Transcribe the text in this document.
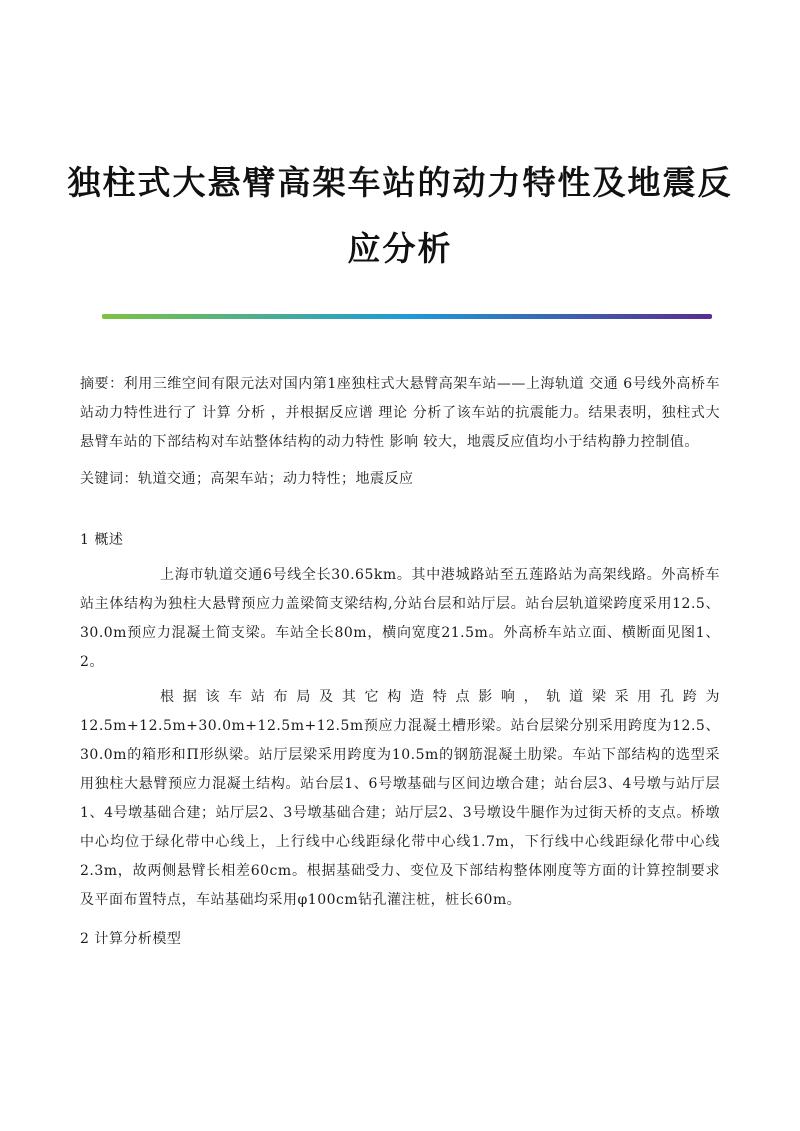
独柱式大悬臂高架车站的动力特性及地震反
应分析

摘要：利用三维空间有限元法对国内第1座独柱式大悬臂高架车站——上海轨道 交通 6号线外高桥车站动力特性进行了 计算 分析 ，并根据反应谱 理论 分析了该车站的抗震能力。结果表明，独柱式大悬臂车站的下部结构对车站整体结构的动力特性 影响 较大，地震反应值均小于结构静力控制值。

关键词：轨道交通；高架车站；动力特性；地震反应

1 概述

上海市轨道交通6号线全长30.65km。其中港城路站至五莲路站为高架线路。外高桥车站主体结构为独柱大悬臂预应力盖梁简支梁结构,分站台层和站厅层。站台层轨道梁跨度采用12.5、30.0m预应力混凝土简支梁。车站全长80m，横向宽度21.5m。外高桥车站立面、横断面见图1、2。

根据该车站布局及其它构造特点影响，轨道梁采用孔跨为12.5m+12.5m+30.0m+12.5m+12.5m预应力混凝土槽形梁。站台层梁分别采用跨度为12.5、30.0m的箱形和Π形纵梁。站厅层梁采用跨度为10.5m的钢筋混凝土肋梁。车站下部结构的选型采用独柱大悬臂预应力混凝土结构。站台层1、6号墩基础与区间边墩合建；站台层3、4号墩与站厅层1、4号墩基础合建；站厅层2、3号墩基础合建；站厅层2、3号墩设牛腿作为过街天桥的支点。桥墩中心均位于绿化带中心线上，上行线中心线距绿化带中心线1.7m，下行线中心线距绿化带中心线2.3m，故两侧悬臂长相差60cm。根据基础受力、变位及下部结构整体刚度等方面的计算控制要求及平面布置特点，车站基础均采用φ100cm钻孔灌注桩，桩长60m。

2 计算分析模型
